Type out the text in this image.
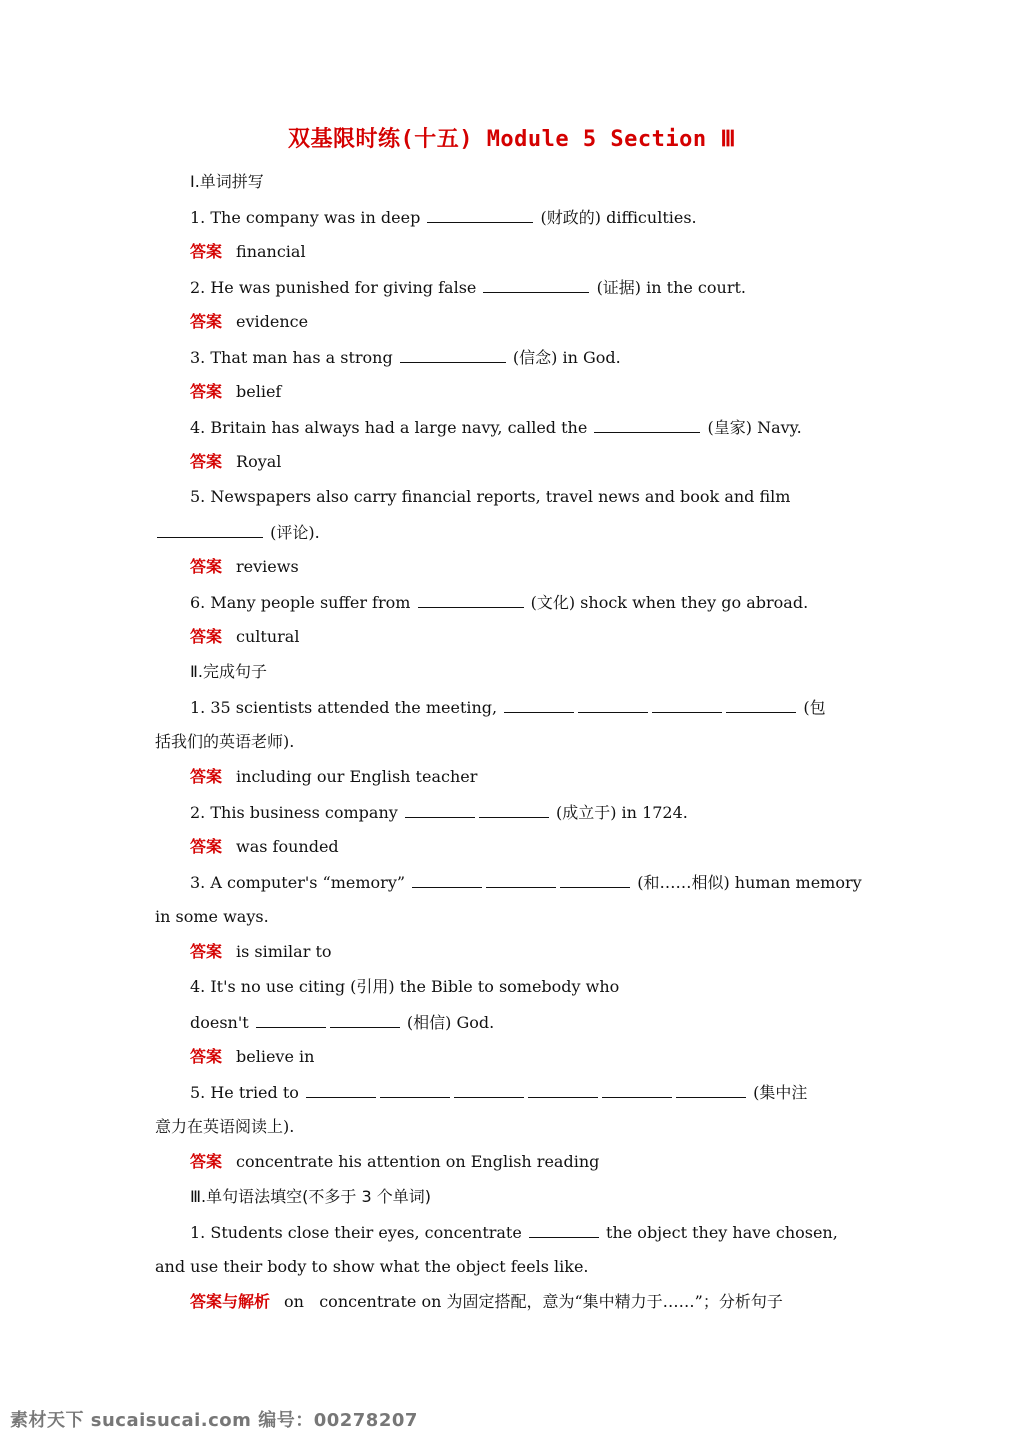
双基限时练(十五) Module 5 Section Ⅲ
Ⅰ.单词拼写
1. The company was in deep	(财政的) difficulties.
答案 financial
2. He was punished for giving false	(证据) in the court.
答案 evidence
3. That man has a strong	(信念) in God.
答案 belief
4. Britain has always had a large navy, called the	(皇家) Navy.
答案 Royal
5. Newspapers also carry financial reports, travel news and book and film
(评论).
答案 reviews
6. Many people suffer from	(文化) shock when they go abroad.
答案 cultural
Ⅱ.完成句子
1. 35 scientists attended the meeting,	(包
括我们的英语老师).
答案 including our English teacher
2. This business company	(成立于) in 1724.
答案 was founded
3. A computer's “memory”	(和……相似) human memory
in some ways.
答案 is similar to
4. It's no use citing (引用) the Bible to somebody who
doesn't	(相信) God.
答案 believe in
5. He tried to	(集中注
意力在英语阅读上).
答案 concentrate his attention on English reading
Ⅲ.单句语法填空(不多于 3 个单词)
1. Students close their eyes, concentrate	the object they have chosen,
and use their body to show what the object feels like.
答案与解析 on concentrate on 为固定搭配，意为“集中精力于……”；分析句子
素材天下 sucaisucai.com 编号：00278207
